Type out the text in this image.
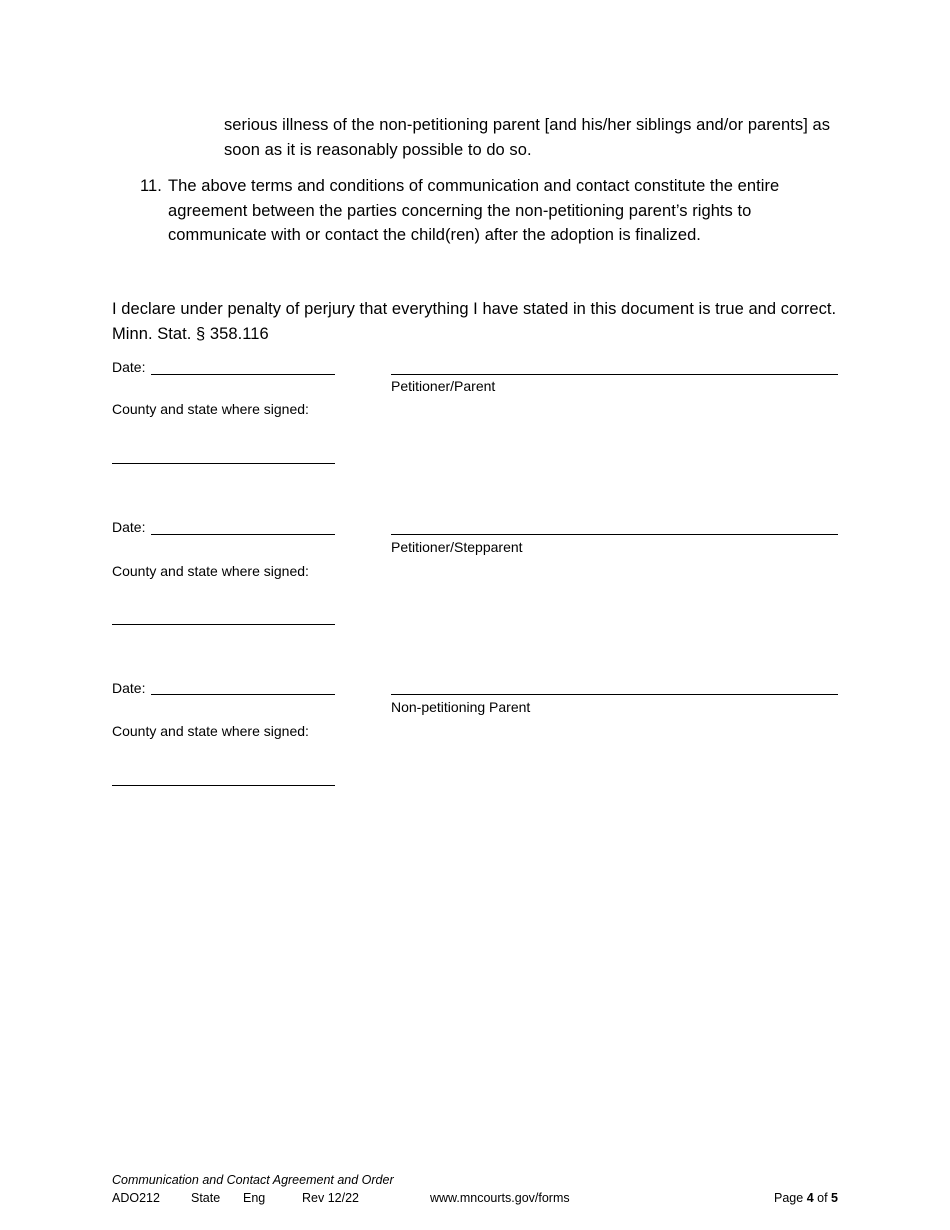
serious illness of the non-petitioning parent [and his/her siblings and/or parents] as soon as it is reasonably possible to do so.
11. The above terms and conditions of communication and contact constitute the entire agreement between the parties concerning the non-petitioning parent’s rights to communicate with or contact the child(ren) after the adoption is finalized.
I declare under penalty of perjury that everything I have stated in this document is true and correct. Minn. Stat. § 358.116
Date:
Petitioner/Parent
County and state where signed:
Date:
Petitioner/Stepparent
County and state where signed:
Date:
Non-petitioning Parent
County and state where signed:
Communication and Contact Agreement and Order
ADO212 State Eng	Rev 12/22	www.mncourts.gov/forms	Page 4 of 5
